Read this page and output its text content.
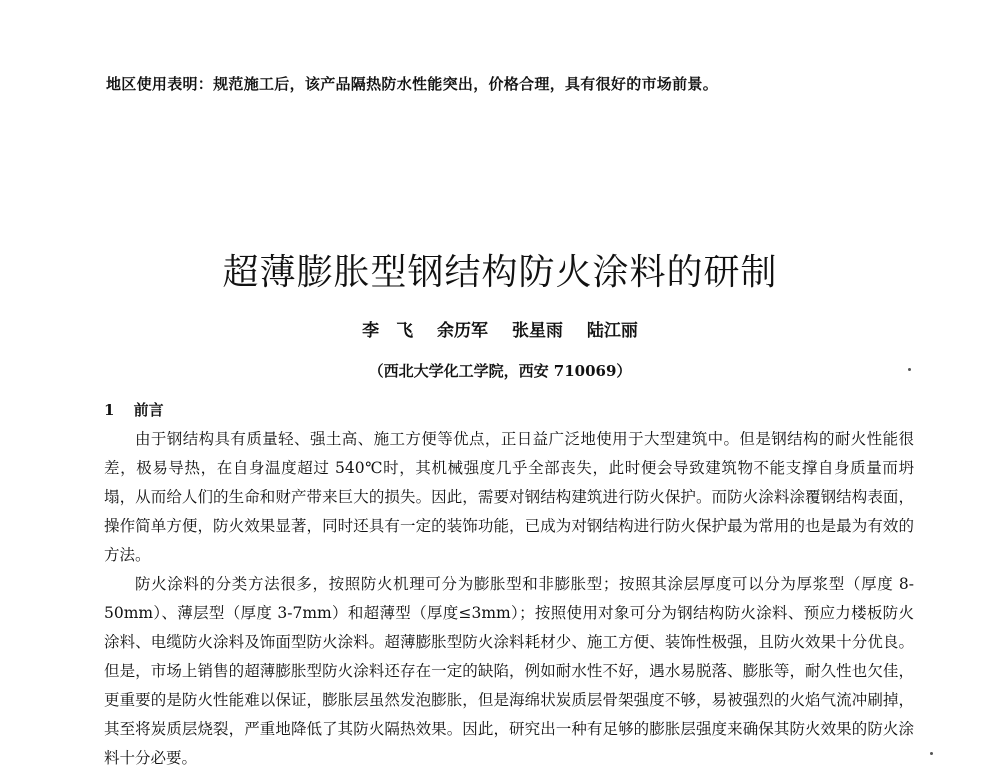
地区使用表明：规范施工后，该产品隔热防水性能突出，价格合理，具有很好的市场前景。
超薄膨胀型钢结构防火涂料的研制
李　飞 余历军 张星雨 陆江丽
（西北大学化工学院，西安 710069）
1 前言

由于钢结构具有质量轻、强土高、施工方便等优点，正日益广泛地使用于大型建筑中。但是钢结构的耐火性能很差，极易导热，在自身温度超过 540℃时，其机械强度几乎全部丧失，此时便会导致建筑物不能支撑自身质量而坍塌，从而给人们的生命和财产带来巨大的损失。因此，需要对钢结构建筑进行防火保护。而防火涂料涂覆钢结构表面，操作简单方便，防火效果显著，同时还具有一定的装饰功能，已成为对钢结构进行防火保护最为常用的也是最为有效的方法。

防火涂料的分类方法很多，按照防火机理可分为膨胀型和非膨胀型；按照其涂层厚度可以分为厚浆型（厚度 8-50mm）、薄层型（厚度 3-7mm）和超薄型（厚度≤3mm）；按照使用对象可分为钢结构防火涂料、预应力楼板防火涂料、电缆防火涂料及饰面型防火涂料。超薄膨胀型防火涂料耗材少、施工方便、装饰性极强，且防火效果十分优良。但是，市场上销售的超薄膨胀型防火涂料还存在一定的缺陷，例如耐水性不好，遇水易脱落、膨胀等，耐久性也欠佳，更重要的是防火性能难以保证，膨胀层虽然发泡膨胀，但是海绵状炭质层骨架强度不够，易被强烈的火焰气流冲刷掉，其至将炭质层烧裂，严重地降低了其防火隔热效果。因此，研究出一种有足够的膨胀层强度来确保其防火效果的防火涂料十分必要。
